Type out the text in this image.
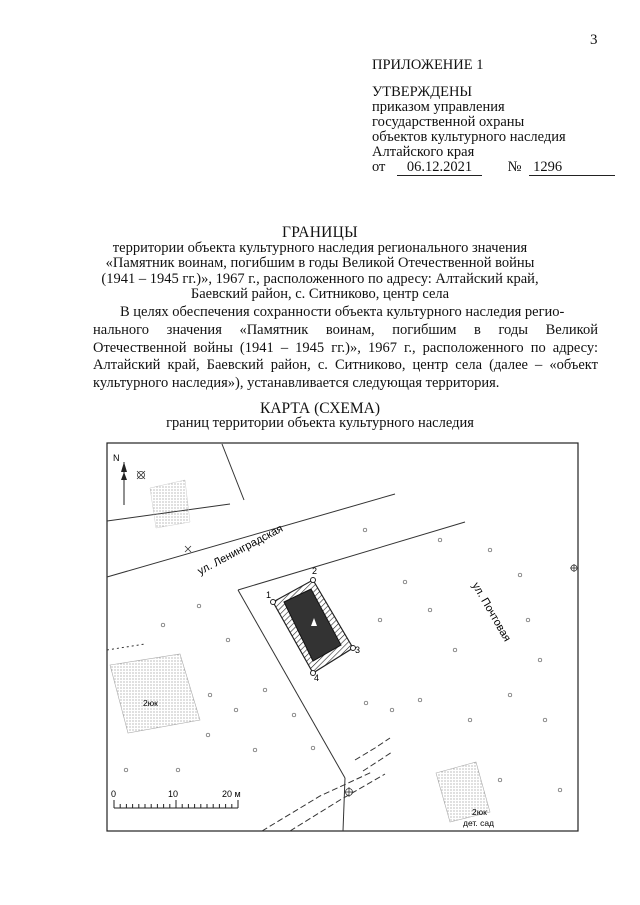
3
ПРИЛОЖЕНИЕ 1
УТВЕРЖДЕНЫ
приказом управления
государственной охраны
объектов культурного наследия
Алтайского края
от 06.12.2021 № 1296
ГРАНИЦЫ
территории объекта культурного наследия регионального значения
«Памятник воинам, погибшим в годы Великой Отечественной войны
(1941 – 1945 гг.)», 1967 г., расположенного по адресу: Алтайский край,
Баевский район, с. Ситниково, центр села
В целях обеспечения сохранности объекта культурного наследия регио-
нального значения «Памятник воинам, погибшим в годы Великой
Отечественной войны (1941 – 1945 гг.)», 1967 г., расположенного по адресу:
Алтайский край, Баевский район, с. Ситниково, центр села (далее – «объект
культурного наследия»), устанавливается следующая территория.
КАРТА (СХЕМА)
границ территории объекта культурного наследия
N
ул. Ленинградская
ул. Почтовая
1
2
3
4
2юк
2юк
дет. сад
0	10	20 м
